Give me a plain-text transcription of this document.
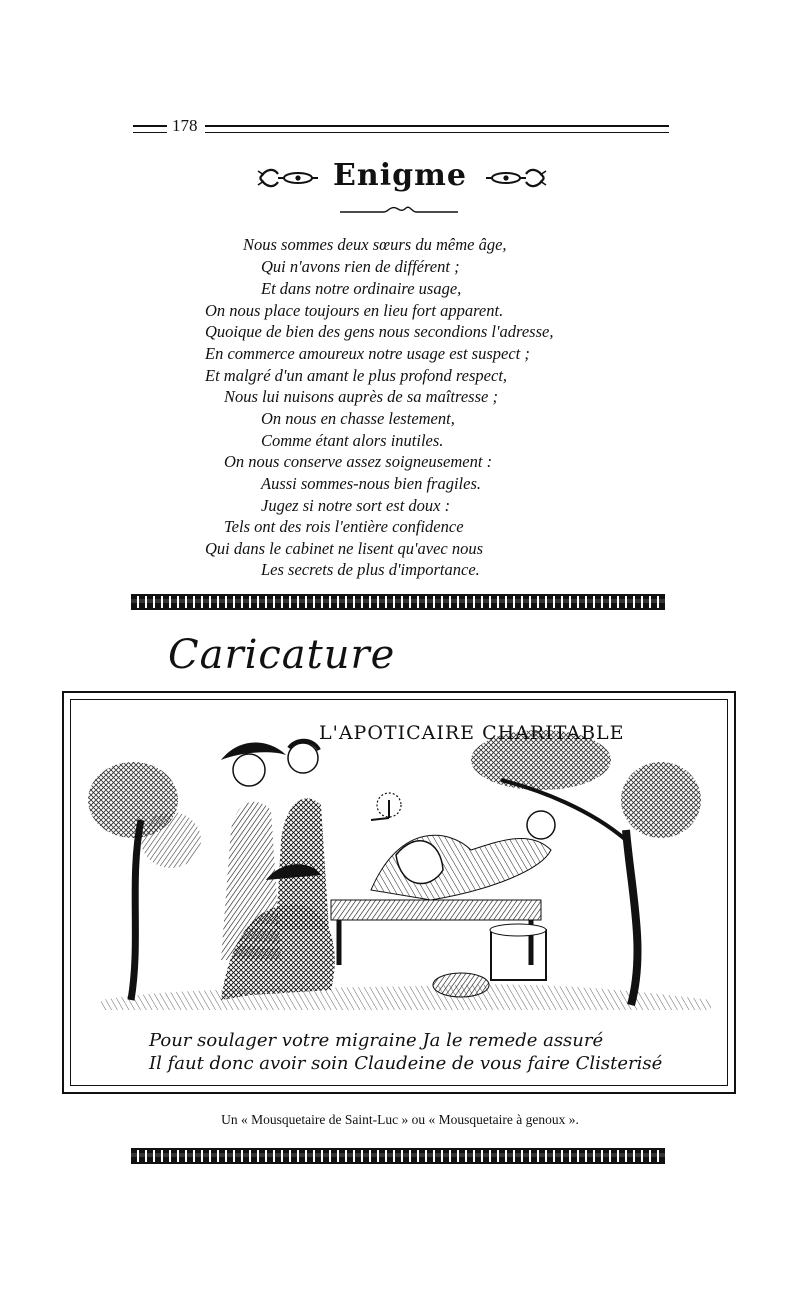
178
Enigme
Nous sommes deux sœurs du même âge,
Qui n'avons rien de différent ;
Et dans notre ordinaire usage,
On nous place toujours en lieu fort apparent.
Quoique de bien des gens nous secondions l'adresse,
En commerce amoureux notre usage est suspect ;
Et malgré d'un amant le plus profond respect,
Nous lui nuisons auprès de sa maîtresse ;
On nous en chasse lestement,
Comme étant alors inutiles.
On nous conserve assez soigneusement :
Aussi sommes-nous bien fragiles.
Jugez si notre sort est doux :
Tels ont des rois l'entière confidence
Qui dans le cabinet ne lisent qu'avec nous
Les secrets de plus d'importance.
Caricature
L'APOTICAIRE CHARITABLE
Pour soulager votre migraine Ja le remede assuré
Il faut donc avoir soin Claudeine de vous faire Clisterisé
Un « Mousquetaire de Saint-Luc » ou « Mousquetaire à genoux ».
